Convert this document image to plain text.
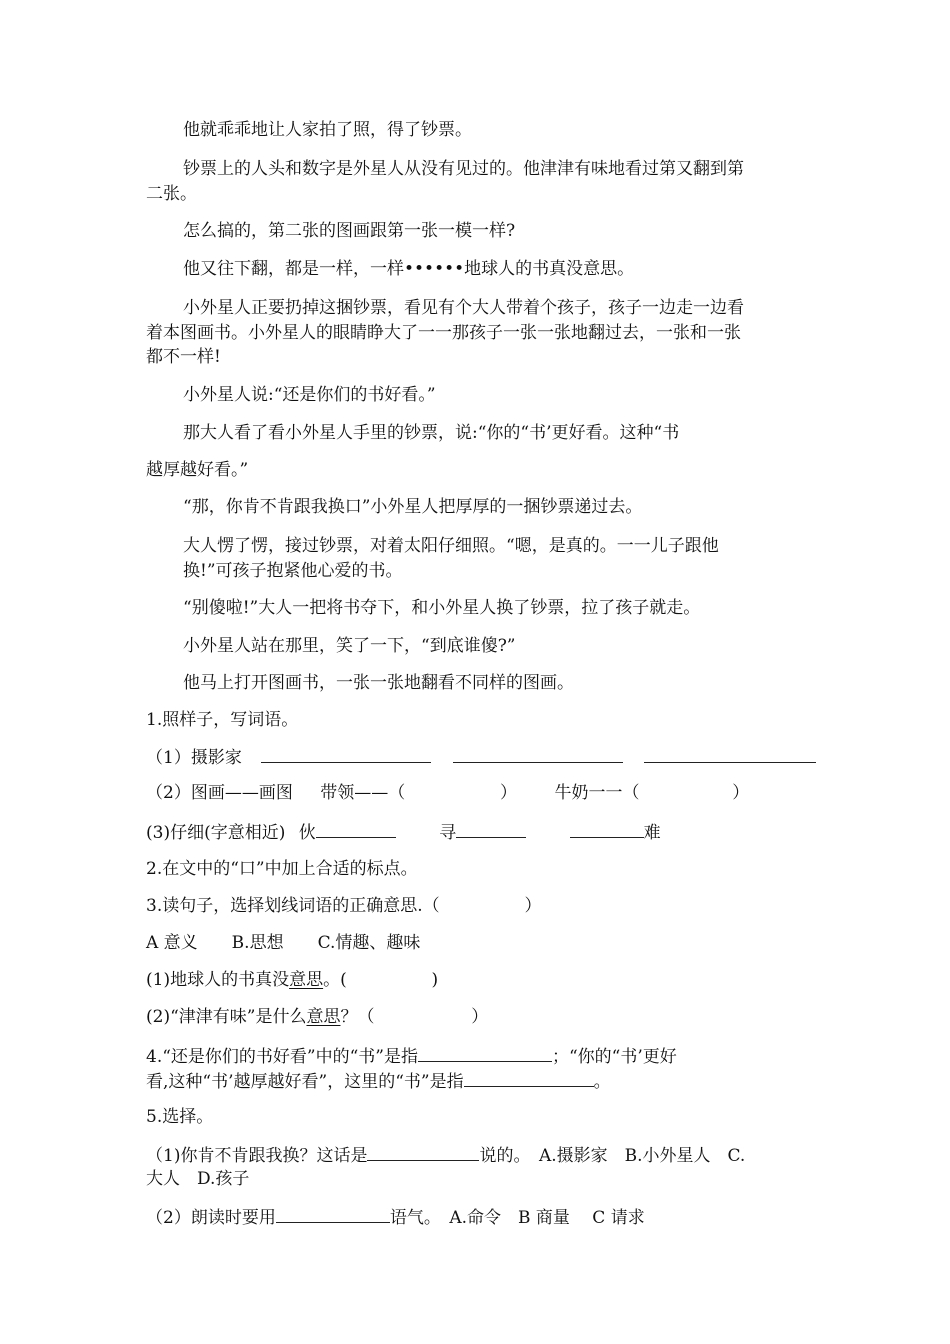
他就乖乖地让人家拍了照，得了钞票。
钞票上的人头和数字是外星人从没有见过的。他津津有味地看过第又翻到第
二张。
怎么搞的，第二张的图画跟第一张一模一样?
他又往下翻，都是一样，一样••••••地球人的书真没意思。
小外星人正要扔掉这捆钞票，看见有个大人带着个孩子，孩子一边走一边看
着本图画书。小外星人的眼睛睁大了一一那孩子一张一张地翻过去，一张和一张
都不一样!
小外星人说:“还是你们的书好看。”
那大人看了看小外星人手里的钞票，说:“你的“书’更好看。这种“书
越厚越好看。”
“那，你肯不肯跟我换口”小外星人把厚厚的一捆钞票递过去。
大人愣了愣，接过钞票，对着太阳仔细照。“嗯，是真的。一一儿子跟他
换!”可孩子抱紧他心爱的书。
“别傻啦!”大人一把将书夺下，和小外星人换了钞票，拉了孩子就走。
小外星人站在那里，笑了一下，“到底谁傻?”
他马上打开图画书，一张一张地翻看不同样的图画。
1.照样子，写词语。
（1）摄影家
（2）图画——画图 带领——（	） 牛奶一一（	）
(3)仔细(字意相近) 伙	寻	难
2.在文中的“口”中加上合适的标点。
3.读句子，选择划线词语的正确意思.（	）
A 意义　　B.思想　　C.情趣、趣味
(1)地球人的书真没意思。(	)
(2)“津津有味”是什么意思？（	）
4.“还是你们的书好看”中的“书”是指	；“你的“书’更好
看,这种“书’越厚越好看”，这里的“书”是指	。
5.选择。
（1)你肯不肯跟我换？这话是	说的。　A.摄影家　B.小外星人　C.
大人　D.孩子
（2）朗读时要用	语气。　A.命令　B 商量　 C 请求
